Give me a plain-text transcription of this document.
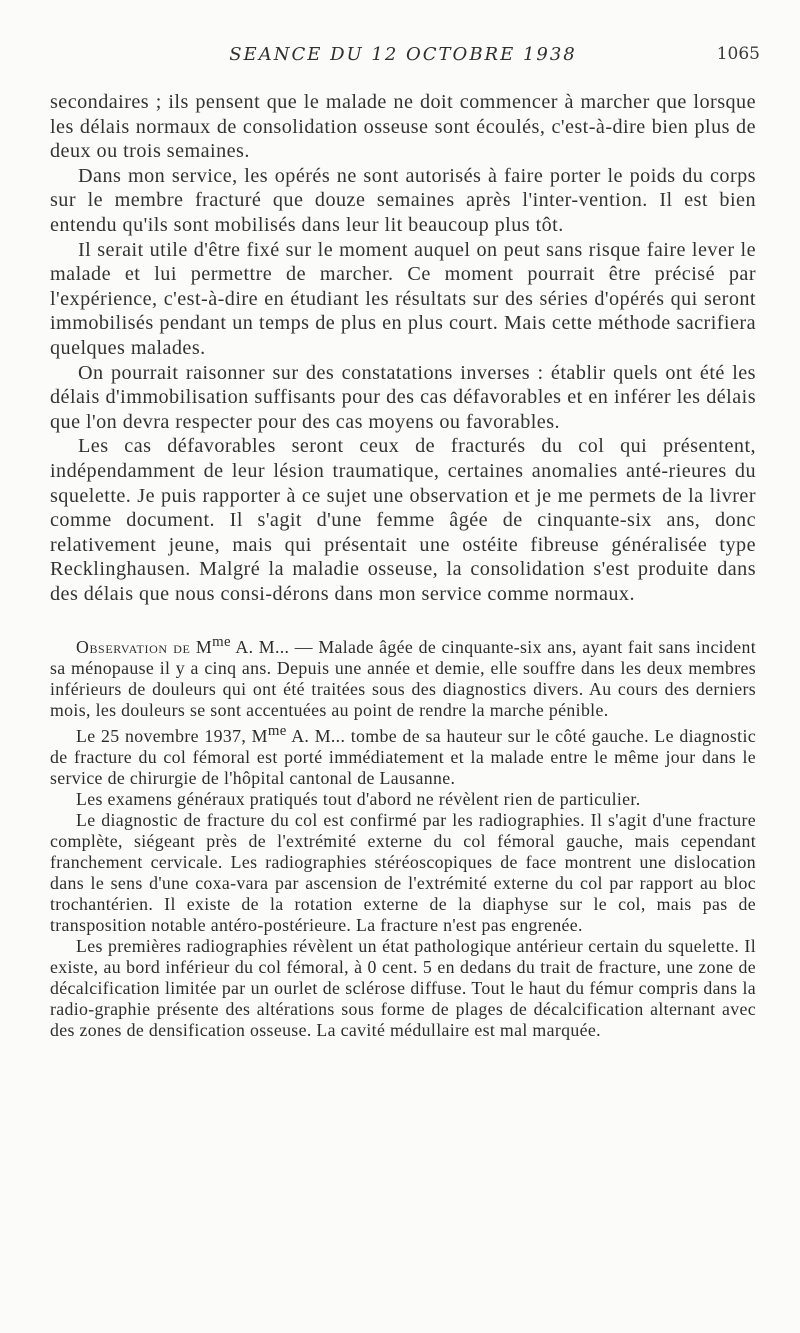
SEANCE DU 12 OCTOBRE 1938	1065

secondaires ; ils pensent que le malade ne doit commencer à marcher que lorsque les délais normaux de consolidation osseuse sont écoulés, c'est-à-dire bien plus de deux ou trois semaines.

Dans mon service, les opérés ne sont autorisés à faire porter le poids du corps sur le membre fracturé que douze semaines après l'inter-vention. Il est bien entendu qu'ils sont mobilisés dans leur lit beaucoup plus tôt.

Il serait utile d'être fixé sur le moment auquel on peut sans risque faire lever le malade et lui permettre de marcher. Ce moment pourrait être précisé par l'expérience, c'est-à-dire en étudiant les résultats sur des séries d'opérés qui seront immobilisés pendant un temps de plus en plus court. Mais cette méthode sacrifiera quelques malades.

On pourrait raisonner sur des constatations inverses : établir quels ont été les délais d'immobilisation suffisants pour des cas défavorables et en inférer les délais que l'on devra respecter pour des cas moyens ou favorables.

Les cas défavorables seront ceux de fracturés du col qui présentent, indépendamment de leur lésion traumatique, certaines anomalies anté-rieures du squelette. Je puis rapporter à ce sujet une observation et je me permets de la livrer comme document. Il s'agit d'une femme âgée de cinquante-six ans, donc relativement jeune, mais qui présentait une ostéite fibreuse généralisée type Recklinghausen. Malgré la maladie osseuse, la consolidation s'est produite dans des délais que nous consi-dérons dans mon service comme normaux.

Observation de $M^{me}$ A. M... — Malade âgée de cinquante-six ans, ayant fait sans incident sa ménopause il y a cinq ans. Depuis une année et demie, elle souffre dans les deux membres inférieurs de douleurs qui ont été traitées sous des diagnostics divers. Au cours des derniers mois, les douleurs se sont accentuées au point de rendre la marche pénible.

Le 25 novembre 1937, $M^{me}$ A. M... tombe de sa hauteur sur le côté gauche. Le diagnostic de fracture du col fémoral est porté immédiatement et la malade entre le même jour dans le service de chirurgie de l'hôpital cantonal de Lausanne.

Les examens généraux pratiqués tout d'abord ne révèlent rien de particulier.

Le diagnostic de fracture du col est confirmé par les radiographies. Il s'agit d'une fracture complète, siégeant près de l'extrémité externe du col fémoral gauche, mais cependant franchement cervicale. Les radiographies stéréoscopiques de face montrent une dislocation dans le sens d'une coxa-vara par ascension de l'extrémité externe du col par rapport au bloc trochantérien. Il existe de la rotation externe de la diaphyse sur le col, mais pas de transposition notable antéro-postérieure. La fracture n'est pas engrenée.

Les premières radiographies révèlent un état pathologique antérieur certain du squelette. Il existe, au bord inférieur du col fémoral, à 0 cent. 5 en dedans du trait de fracture, une zone de décalcification limitée par un ourlet de sclérose diffuse. Tout le haut du fémur compris dans la radio-graphie présente des altérations sous forme de plages de décalcification alternant avec des zones de densification osseuse. La cavité médullaire est mal marquée.
